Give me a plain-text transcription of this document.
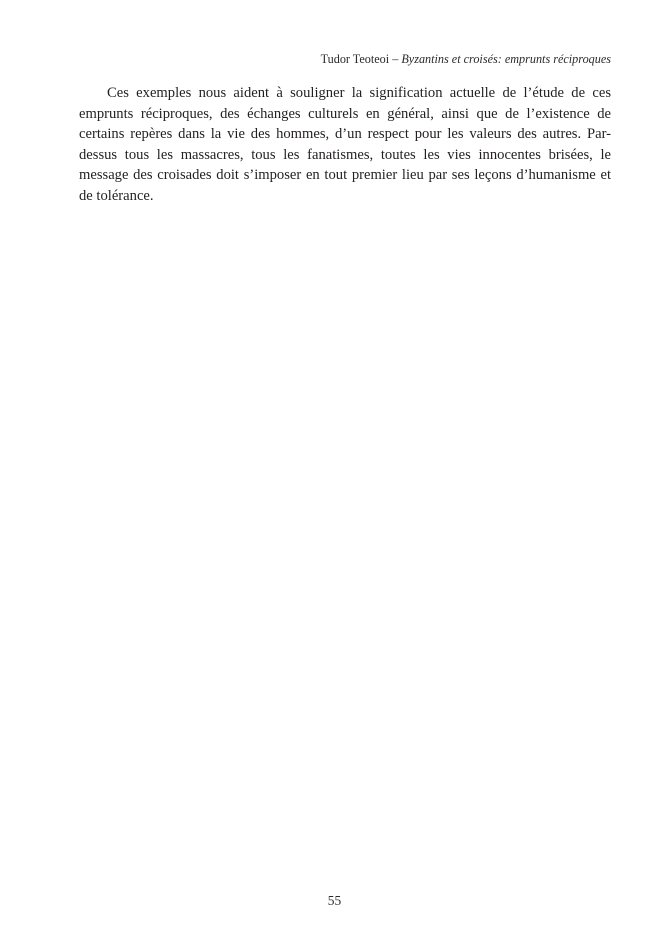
Tudor Teoteoi – Byzantins et croisés: emprunts réciproques

Ces exemples nous aident à souligner la signification actuelle de l’étude de ces emprunts réciproques, des échanges culturels en général, ainsi que de l’existence de certains repères dans la vie des hommes, d’un respect pour les valeurs des autres. Par-dessus tous les massacres, tous les fanatismes, toutes les vies innocentes brisées, le message des croisades doit s’imposer en tout premier lieu par ses leçons d’humanisme et de tolérance.

55
